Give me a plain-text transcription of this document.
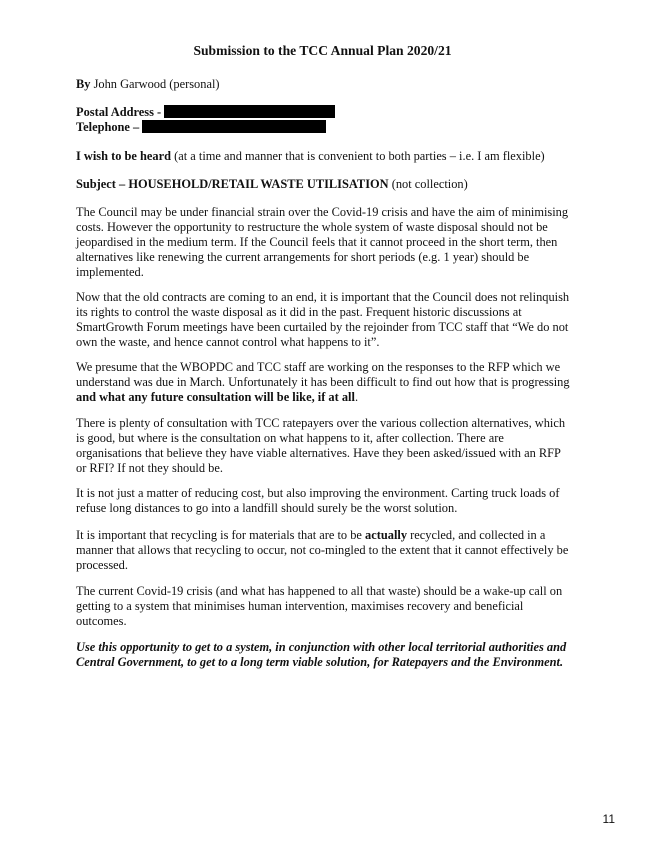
Submission to the TCC Annual Plan 2020/21
By John Garwood (personal)
Postal Address -
Telephone –
I wish to be heard (at a time and manner that is convenient to both parties – i.e. I am flexible)
Subject – HOUSEHOLD/RETAIL WASTE UTILISATION (not collection)
The Council may be under financial strain over the Covid-19 crisis and have the aim of minimising costs. However the opportunity to restructure the whole system of waste disposal should not be jeopardised in the medium term. If the Council feels that it cannot proceed in the short term, then alternatives like renewing the current arrangements for short periods (e.g. 1 year) should be implemented.
Now that the old contracts are coming to an end, it is important that the Council does not relinquish its rights to control the waste disposal as it did in the past. Frequent historic discussions at SmartGrowth Forum meetings have been curtailed by the rejoinder from TCC staff that “We do not own the waste, and hence cannot control what happens to it”.
We presume that the WBOPDC and TCC staff are working on the responses to the RFP which we understand was due in March. Unfortunately it has been difficult to find out how that is progressing and what any future consultation will be like, if at all.
There is plenty of consultation with TCC ratepayers over the various collection alternatives, which is good, but where is the consultation on what happens to it, after collection. There are organisations that believe they have viable alternatives. Have they been asked/issued with an RFP or RFI? If not they should be.
It is not just a matter of reducing cost, but also improving the environment. Carting truck loads of refuse long distances to go into a landfill should surely be the worst solution.
It is important that recycling is for materials that are to be actually recycled, and collected in a manner that allows that recycling to occur, not co-mingled to the extent that it cannot effectively be processed.
The current Covid-19 crisis (and what has happened to all that waste) should be a wake-up call on getting to a system that minimises human intervention, maximises recovery and beneficial outcomes.
Use this opportunity to get to a system, in conjunction with other local territorial authorities and Central Government, to get to a long term viable solution, for Ratepayers and the Environment.
11
